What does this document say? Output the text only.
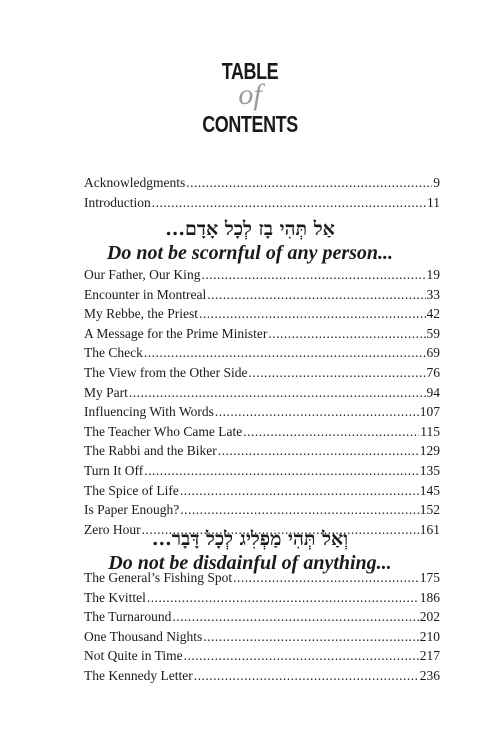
TABLE
of
CONTENTS
Acknowledgments .....	9
Introduction .....	11
אַל תְּהִי בָז לְכָל אָדָם...
Do not be scornful of any person...
Our Father, Our King .....	19
Encounter in Montreal .....	33
My Rebbe, the Priest .....	42
A Message for the Prime Minister .....	59
The Check .....	69
The View from the Other Side .....	76
My Part .....	94
Influencing With Words .....	107
The Teacher Who Came Late .....	115
The Rabbi and the Biker .....	129
Turn It Off .....	135
The Spice of Life .....	145
Is Paper Enough? .....	152
Zero Hour .....	161
וְאַל תְּהִי מַפְלִיג לְכָל דָּבָר...
Do not be disdainful of anything...
The General’s Fishing Spot .....	175
The Kvittel .....	186
The Turnaround .....	202
One Thousand Nights .....	210
Not Quite in Time .....	217
The Kennedy Letter .....	236
